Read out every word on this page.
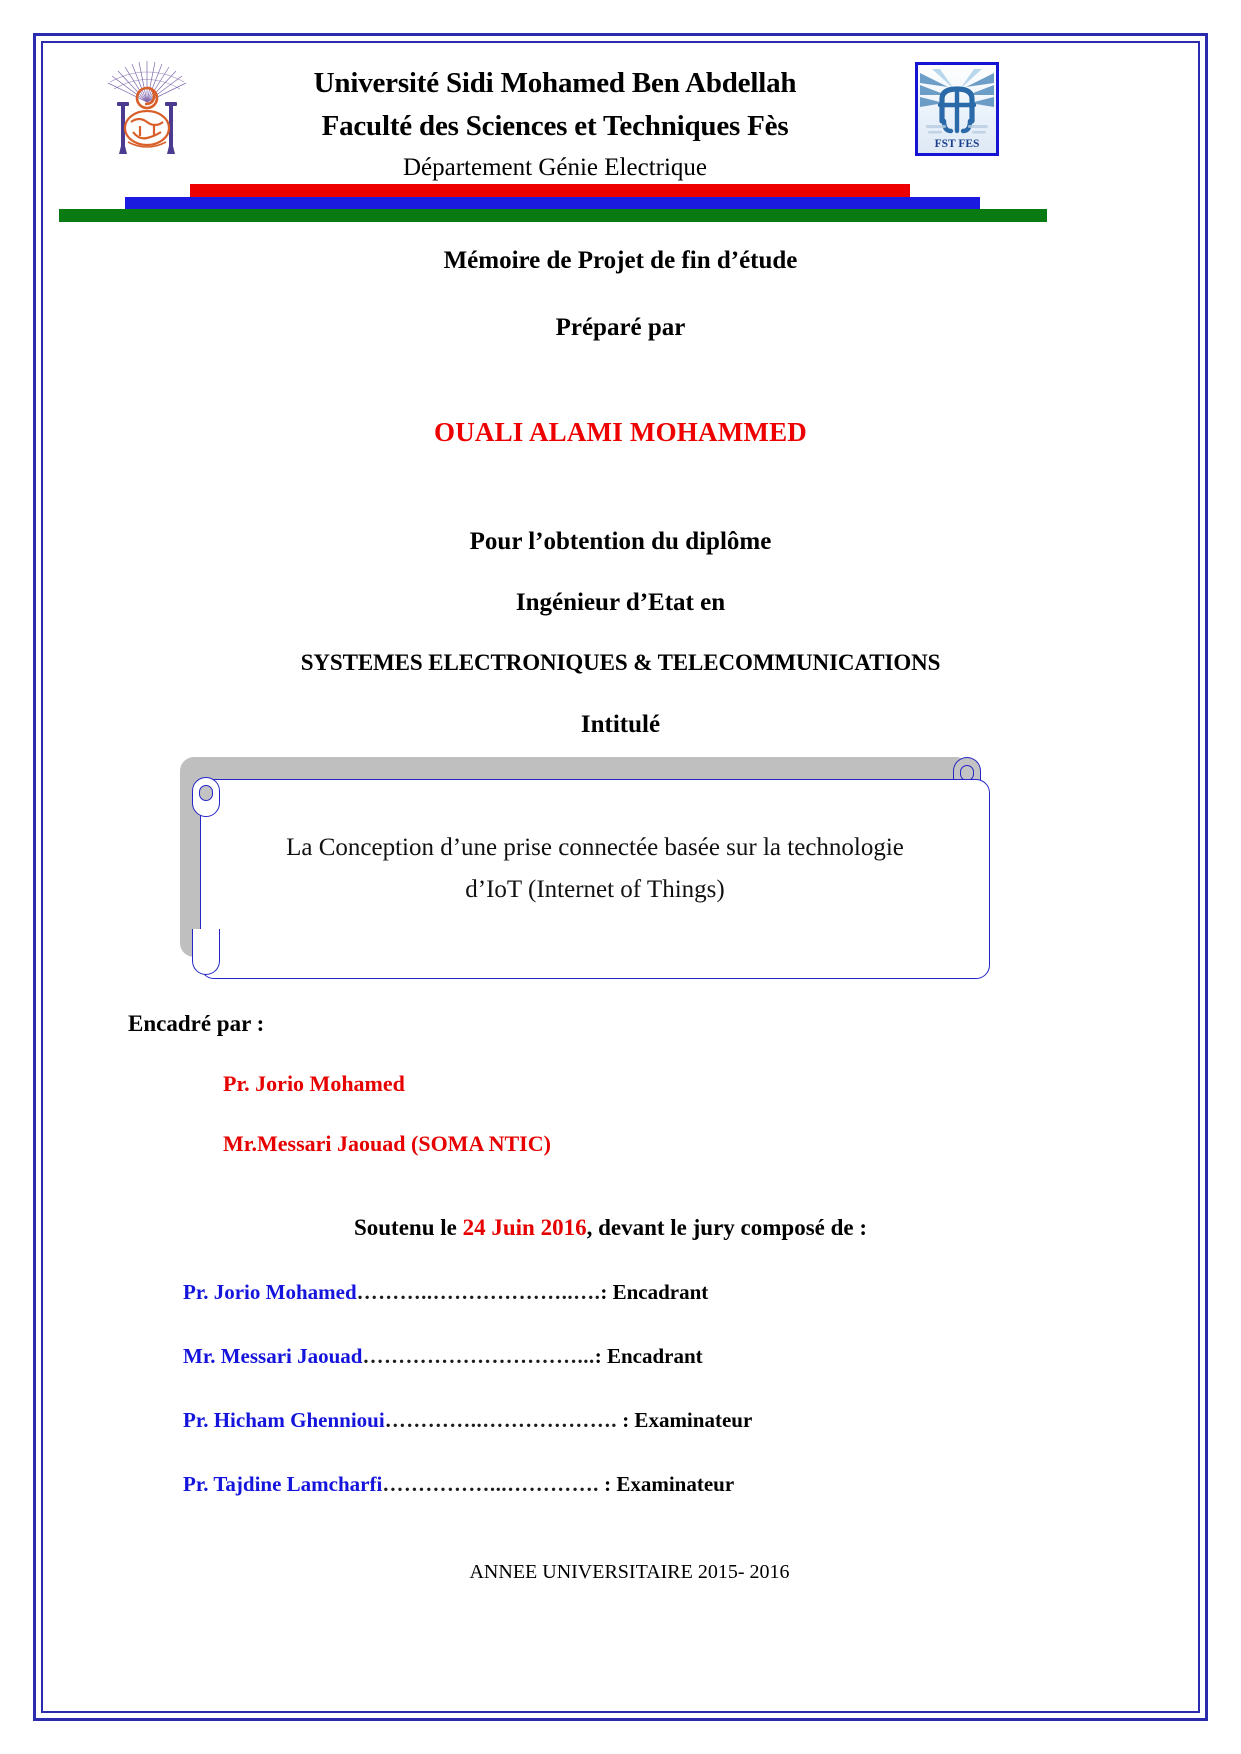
Université Sidi Mohamed Ben Abdellah
Faculté des Sciences et Techniques Fès
Département Génie Electrique
FST FES
Mémoire de Projet de fin d’étude
Préparé par
OUALI ALAMI MOHAMMED
Pour l’obtention du diplôme
Ingénieur d’Etat en
SYSTEMES ELECTRONIQUES & TELECOMMUNICATIONS
Intitulé
La Conception d’une prise connectée basée sur la technologie
d’IoT (Internet of Things)
Encadré par :
Pr. Jorio Mohamed
Mr.Messari Jaouad (SOMA NTIC)
Soutenu le 24 Juin 2016, devant le jury composé de :
Pr. Jorio Mohamed………..………………..….: Encadrant
Mr. Messari Jaouad…………………………...: Encadrant
Pr. Hicham Ghennioui…………..………………. : Examinateur
Pr. Tajdine Lamcharfi……………...…………. : Examinateur
ANNEE UNIVERSITAIRE 2015- 2016
